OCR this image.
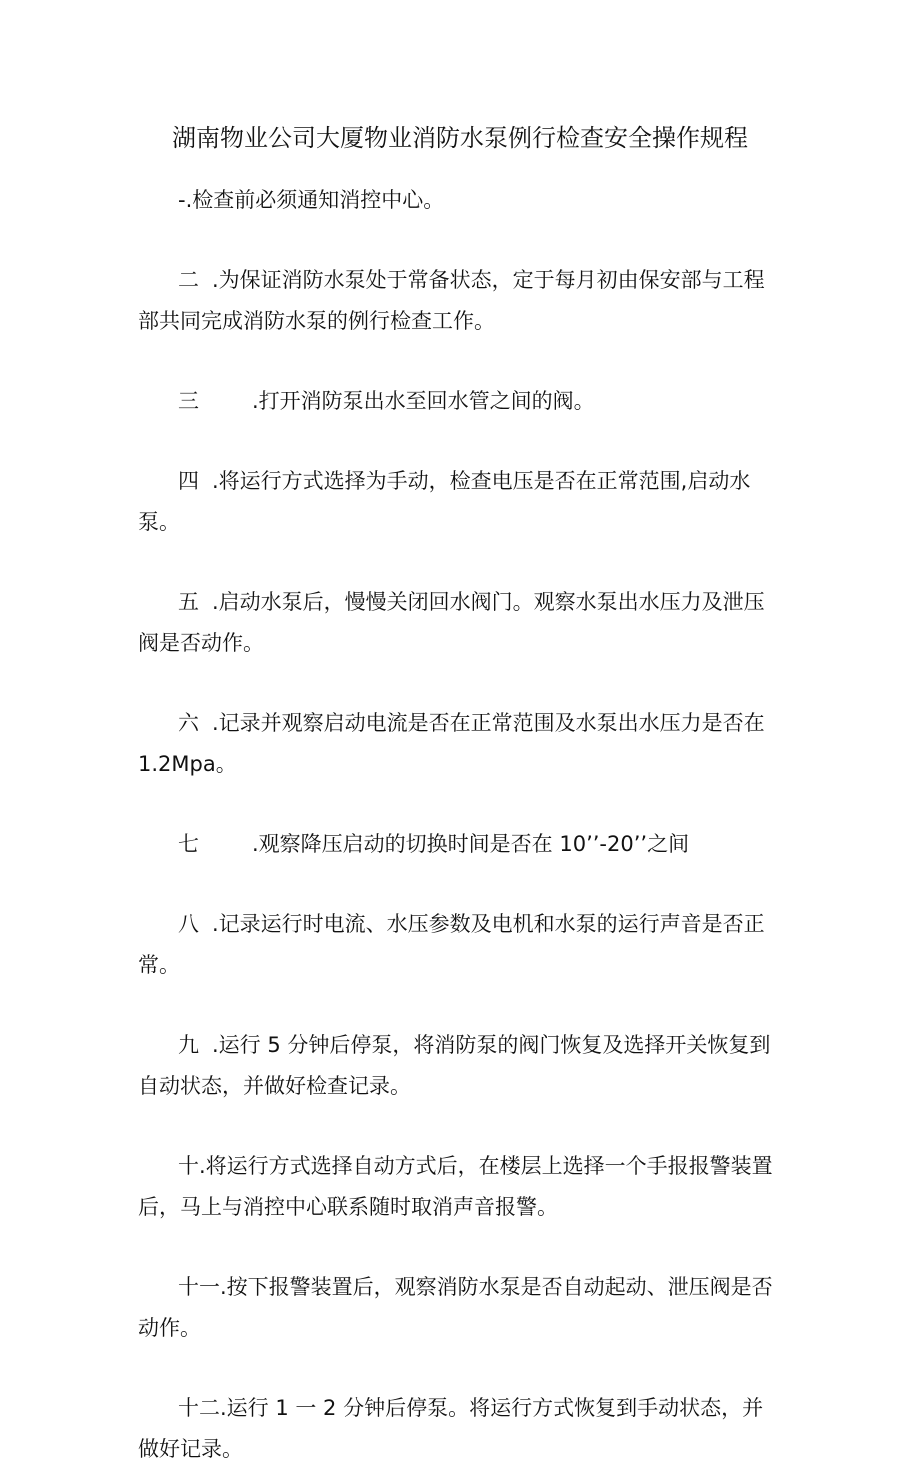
湖南物业公司大厦物业消防水泵例行检查安全操作规程

-.检查前必须通知消控中心。

二 .为保证消防水泵处于常备状态，定于每月初由保安部与工程部共同完成消防水泵的例行检查工作。

三	.打开消防泵出水至回水管之间的阀。

四 .将运行方式选择为手动，检查电压是否在正常范围,启动水泵。

五 .启动水泵后，慢慢关闭回水阀门。观察水泵出水压力及泄压阀是否动作。

六 .记录并观察启动电流是否在正常范围及水泵出水压力是否在 1.2Mpa。

七	.观察降压启动的切换时间是否在 10’’-20’’之间

八 .记录运行时电流、水压参数及电机和水泵的运行声音是否正常。

九 .运行 5 分钟后停泵，将消防泵的阀门恢复及选择开关恢复到自动状态，并做好检查记录。

十.将运行方式选择自动方式后，在楼层上选择一个手报报警装置后，马上与消控中心联系随时取消声音报警。

十一.按下报警装置后，观察消防水泵是否自动起动、泄压阀是否动作。

十二.运行 1 一 2 分钟后停泵。将运行方式恢复到手动状态，并做好记录。
